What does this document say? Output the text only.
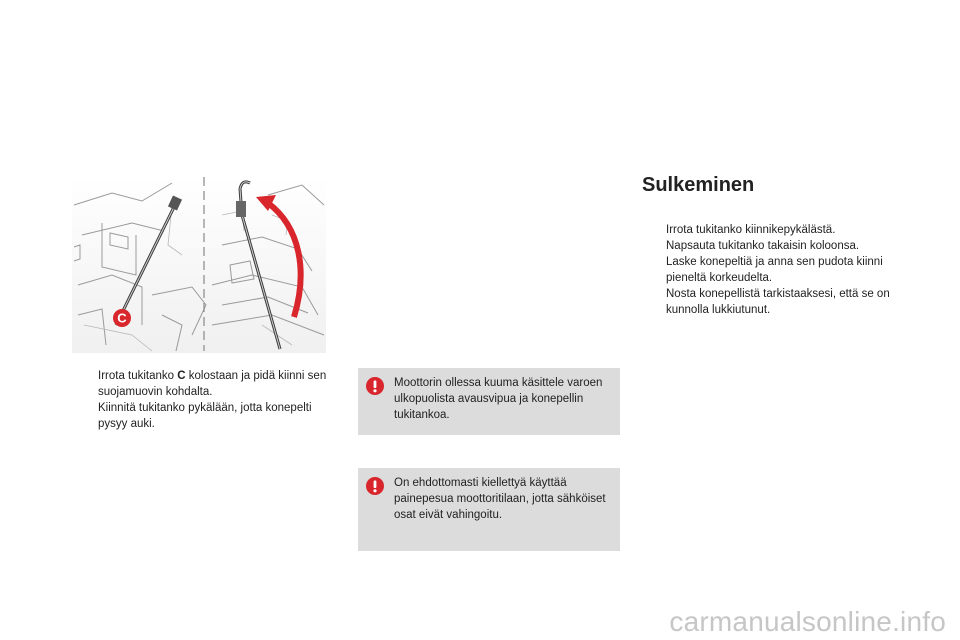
C
Irrota tukitanko C kolostaan ja pidä kiinni sen suojamuovin kohdalta.
Kiinnitä tukitanko pykälään, jotta konepelti pysyy auki.
Moottorin ollessa kuuma käsittele varoen ulkopuolista avausvipua ja konepellin tukitankoa.
On ehdottomasti kiellettyä käyttää painepesua moottoritilaan, jotta sähköiset osat eivät vahingoitu.
Sulkeminen
Irrota tukitanko kiinnikepykälästä.
Napsauta tukitanko takaisin koloonsa.
Laske konepeltiä ja anna sen pudota kiinni pieneltä korkeudelta.
Nosta konepellistä tarkistaaksesi, että se on kunnolla lukkiutunut.
carmanualsonline.info
